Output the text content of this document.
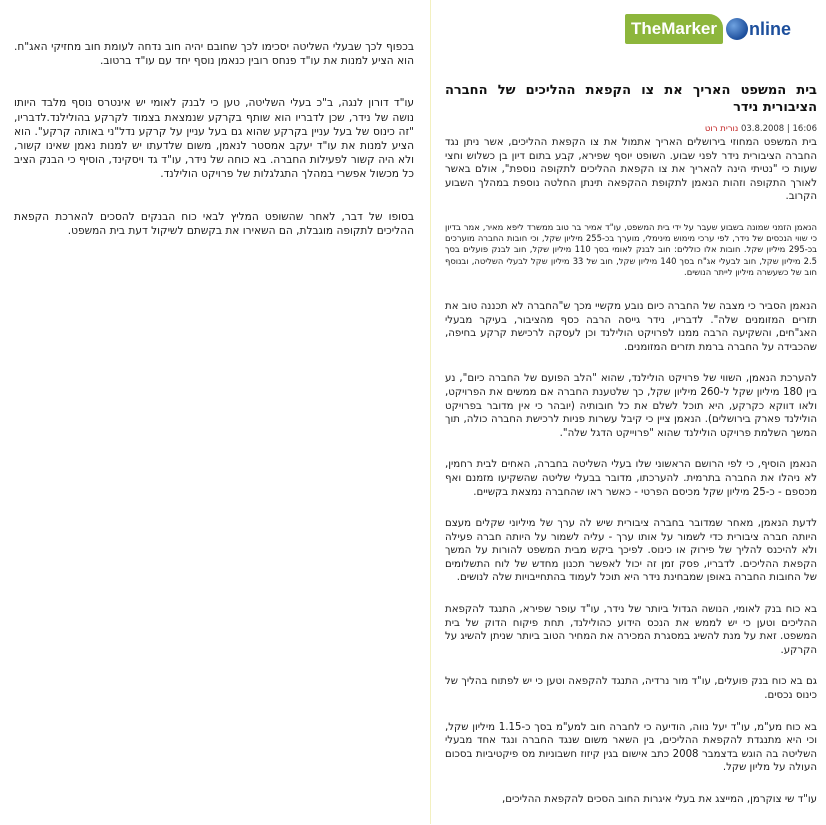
TheMarker	nline
בית המשפט האריך את צו הקפאת ההליכים של החברה הציבורית נידר
16:06 | 03.8.2008 נורית רוט
בית המשפט המחוזי בירושלים האריך אתמול את צו הקפאת ההליכים, אשר ניתן נגד החברה הציבורית נידר לפני שבוע. השופט יוסף שפירא, קבע בתום דיון בן כשלוש וחצי שעות כי "נטיתי הינה להאריך את צו הקפאת ההליכים לתקופה נוספת", אולם באשר לאורך התקופה וזהות הנאמן לתקופת ההקפאה תינתן החלטה נוספת במהלך השבוע הקרוב.
הנאמן הזמני שמונה בשבוע שעבר על ידי בית המשפט, עו"ד אמיר בר טוב ממשרד ליפא מאיר, אמר בדיון כי שווי הנכסים של נידר, לפי ערכי מימוש מינימלי, מוערך בכ-255 מיליון שקל, וכי חובות החברה מוערכים בכ-295 מיליון שקל. חובות אלו כוללים: חוב לבנק לאומי בסך 110 מיליון שקל, חוב לבנק פועלים בסך 2.5 מיליון שקל, חוב לבעלי אג"ח בסך 140 מיליון שקל, חוב של 33 מיליון שקל לבעלי השליטה, ובנוסף חוב של כשעשרה מיליון לייתר הנושים.
הנאמן הסביר כי מצבה של החברה כיום נובע מקשיי מכך ש"החברה לא תכננה טוב את תזרים המזומנים שלה". לדבריו, נידר גייסה הרבה כסף מהציבור, בעיקר מבעלי האג"חים, והשקיעה הרבה ממנו לפרויקט הולילנד וכן לעסקה לרכישת קרקע בחיפה, שהכבידה על החברה ברמת תזרים המזומנים.
להערכת הנאמן, השווי של פרויקט הולילנד, שהוא "הלב הפועם של החברה כיום", נע בין 180 מיליון שקל ל-260 מיליון שקל, כך שלטענת החברה אם ממשים את הפרויקט, ולאו דווקא כקרקע, היא תוכל לשלם את כל חובותיה (יובהר כי אין מדובר בפרויקט הולילנד פארק בירושלים). הנאמן ציין כי קיבל עשרות פניות לרכישת החברה כולה, תוך המשך השלמת פרויקט הולילנד שהוא "פרוייקט הדגל שלה".
הנאמן הוסיף, כי לפי הרושם הראשוני שלו בעלי השליטה בחברה, האחים לבית רחמין, לא ניהלו את החברה בתרמית. להערכתו, מדובר בבעלי שליטה שהשקיעו מזמנם ואף מכספם - כ-25 מיליון שקל מכיסם הפרטי - כאשר ראו שהחברה נמצאת בקשיים.
לדעת הנאמן, מאחר שמדובר בחברה ציבורית שיש לה ערך של מיליוני שקלים מעצם היותה חברה ציבורית כדי לשמור על אותו ערך - עליה לשמור על היותה חברה פעילה ולא להיכנס להליך של פירוק או כינוס. לפיכך ביקש מבית המשפט להורות על המשך הקפאת ההליכים. לדבריו, פסק זמן זה יכול לאפשר תכנון מחדש של לוח התשלומים של החובות החברה באופן שמבחינת נידר היא תוכל לעמוד בהתחייבויות שלה לנושים.
בא כוח בנק לאומי, הנושה הגדול ביותר של נידר, עו"ד עופר שפירא, התנגד להקפאת ההליכים וטען כי יש לממש את הנכס הידוע כהולילנד, תחת פיקוח הדוק של בית המשפט. זאת על מנת להשיג במסגרת המכירה את המחיר הטוב ביותר שניתן להשיג על הקרקע.
גם בא כוח בנק פועלים, עו"ד מור נרדיה, התנגד להקפאה וטען כי יש לפתוח בהליך של כינוס נכסים.
בא כוח מע"מ, עו"ד יעל נווה, הודיעה כי לחברה חוב למע"מ בסך כ-1.15 מיליון שקל, וכי היא מתנגדת להקפאת ההליכים, בין השאר משום שנגד החברה ונגד אחד מבעלי השליטה בה הוגש בדצמבר 2008 כתב אישום בגין קיזוז חשבוניות מס פיקטיביות בסכום העולה על מליון שקל.
עו"ד שי צוקרמן, המייצג את בעלי איגרות החוב הסכים להקפאת ההליכים,
בכפוף לכך שבעלי השליטה יסכימו לכך שחובם יהיה חוב נדחה לעומת חוב מחזיקי האג"ח. הוא הציע למנות את עו"ד פנחס רובין כנאמן נוסף יחד עם עו"ד ברטוב.
עו"ד דורון לנגה, ב"כ בעלי השליטה, טען כי לבנק לאומי יש אינטרס נוסף מלבד היותו נושה של נידר, שכן לדבריו הוא שותף בקרקע שנמצאת בצמוד לקרקע בהולילנד.לדבריו, "זה כינוס של בעל עניין בקרקע שהוא גם בעל עניין על קרקע נדל"ני באותה קרקע". הוא הציע למנות את עו"ד יעקב אמסטר לנאמן, משום שלדעתו יש למנות נאמן שאינו קשור, ולא היה קשור לפעילות החברה. בא כוחה של נידר, עו"ד גד ויסקינד, הוסיף כי הבנק הציב כל מכשול אפשרי במהלך התגלגלות של פרויקט הולילנד.
בסופו של דבר, לאחר שהשופט המליץ לבאי כוח הבנקים להסכים להארכת הקפאת ההליכים לתקופה מוגבלת, הם השאירו את בקשתם לשיקול דעת בית המשפט.
